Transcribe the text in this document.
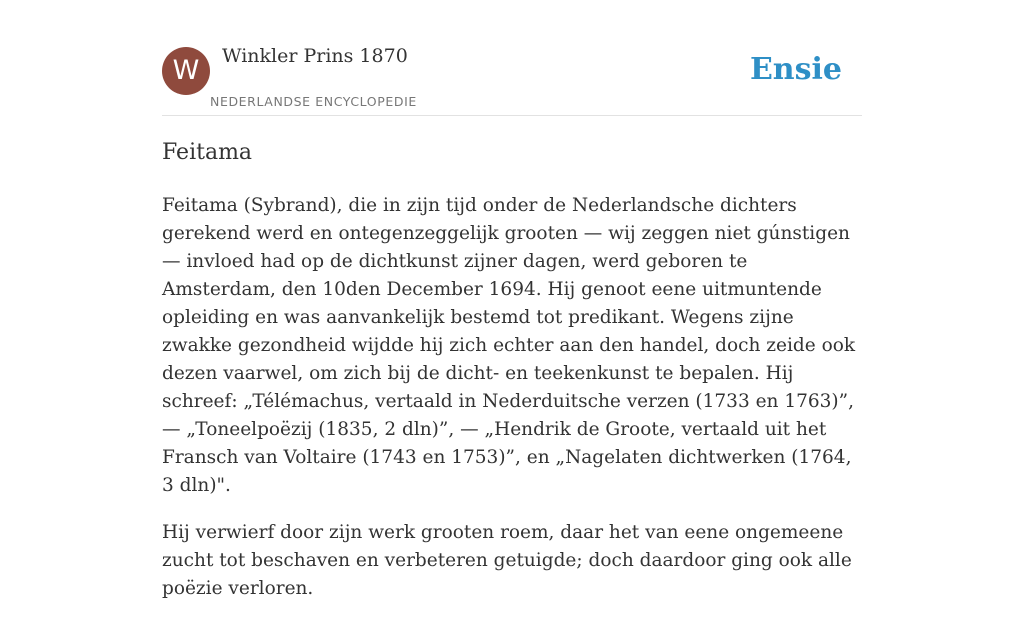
W	Winkler Prins 1870
NEDERLANDSE ENCYCLOPEDIE
Ensie
Feitama

Feitama (Sybrand), die in zijn tijd onder de Nederlandsche dichters gerekend werd en ontegenzeggelijk grooten — wij zeggen niet gúnstigen — invloed had op de dichtkunst zijner dagen, werd geboren te Amsterdam, den 10den December 1694. Hij genoot eene uitmuntende opleiding en was aanvankelijk bestemd tot predikant. Wegens zijne zwakke gezondheid wijdde hij zich echter aan den handel, doch zeide ook dezen vaarwel, om zich bij de dicht- en teekenkunst te bepalen. Hij schreef: „Télémachus, vertaald in Nederduitsche verzen (1733 en 1763)”, — „Toneelpoëzij (1835, 2 dln)”, — „Hendrik de Groote, vertaald uit het Fransch van Voltaire (1743 en 1753)”, en „Nagelaten dichtwerken (1764, 3 dln)".

Hij verwierf door zijn werk grooten roem, daar het van eene ongemeene zucht tot beschaven en verbeteren getuigde; doch daardoor ging ook alle poëzie verloren.
